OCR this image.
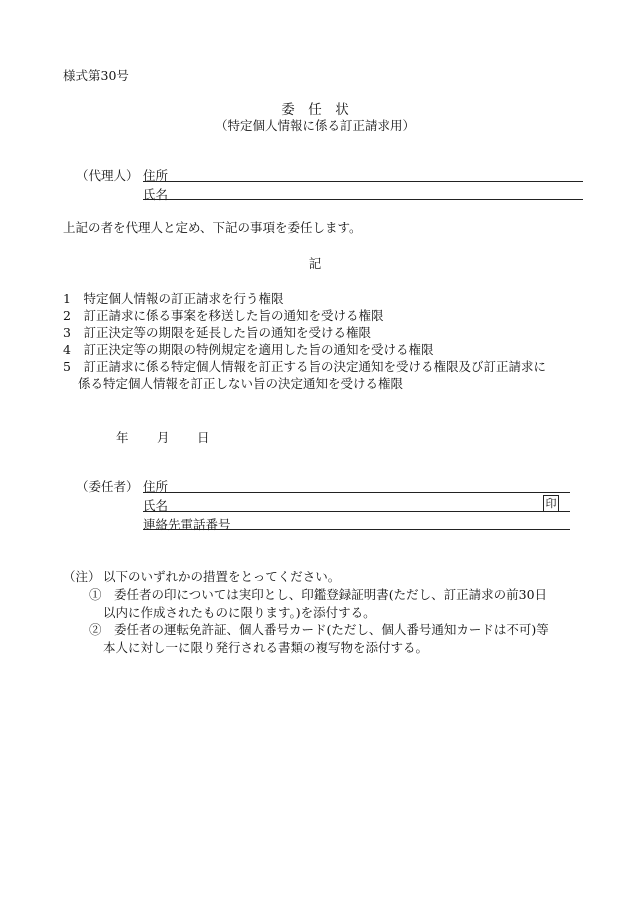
様式第30号
委　任　状
（特定個人情報に係る訂正請求用）
（代理人） 住所
氏名
上記の者を代理人と定め、下記の事項を委任します。
記
1　特定個人情報の訂正請求を行う権限
2　訂正請求に係る事案を移送した旨の通知を受ける権限
3　訂正決定等の期限を延長した旨の通知を受ける権限
4　訂正決定等の期限の特例規定を適用した旨の通知を受ける権限
5　訂正請求に係る特定個人情報を訂正する旨の決定通知を受ける権限及び訂正請求に
係る特定個人情報を訂正しない旨の決定通知を受ける権限
年 月 日
（委任者） 住所
氏名	印
連絡先電話番号
（注） 以下のいずれかの措置をとってください。
①　委任者の印については実印とし、印鑑登録証明書(ただし、訂正請求の前30日
以内に作成されたものに限ります。)を添付する。
②　委任者の運転免許証、個人番号カード(ただし、個人番号通知カードは不可)等
本人に対し一に限り発行される書類の複写物を添付する。
